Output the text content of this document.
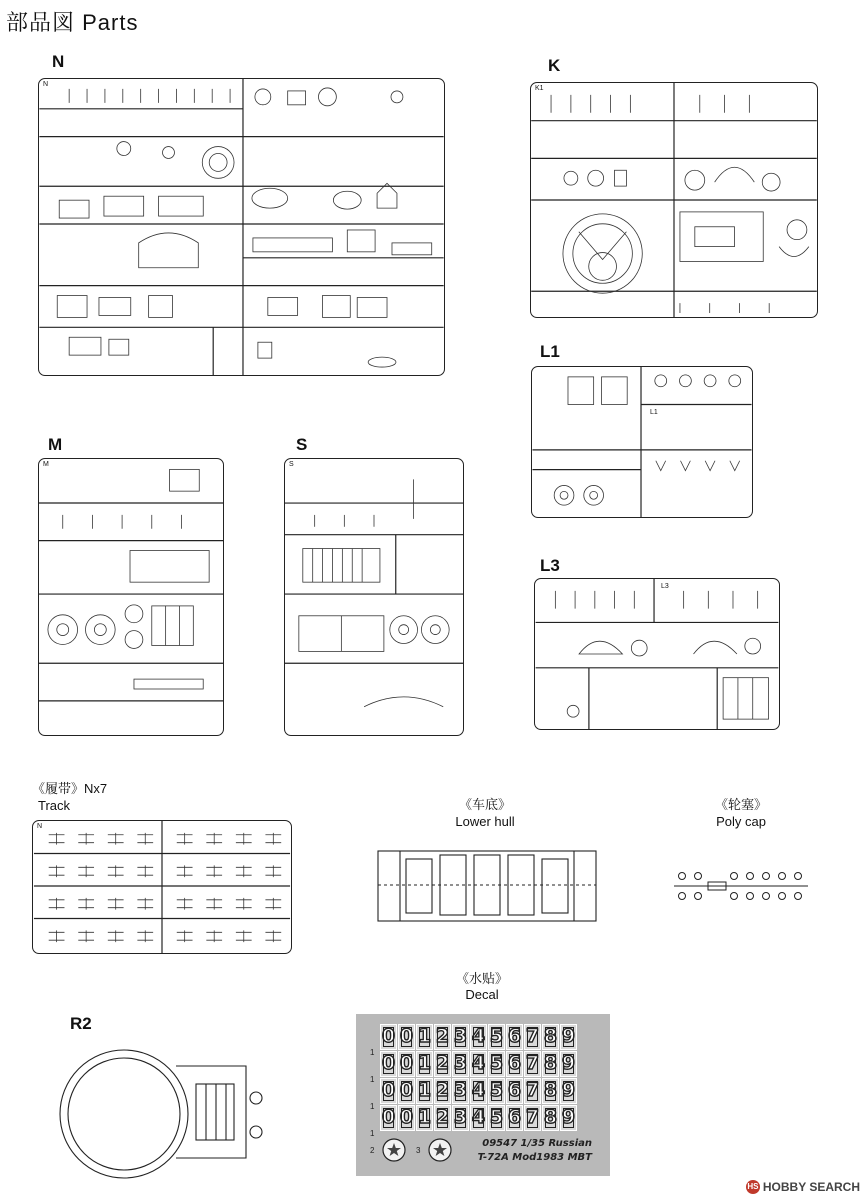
部品図 Parts
N
N
K
K1
L1
L1
M
M
S
S
L3
L3
《履带》Nx7
Track
N
《车底》
Lower hull
《轮塞》
Poly cap
《水贴》
Decal
1
1
1
1
0 0 1 2 3 4 5 6 7 8 9
0 0 1 2 3 4 5 6 7 8 9
0 0 1 2 3 4 5 6 7 8 9
0 0 1 2 3 4 5 6 7 8 9
2	3
09547 1/35 Russian
T-72A Mod1983 MBT
R2
HS HOBBY SEARCH
